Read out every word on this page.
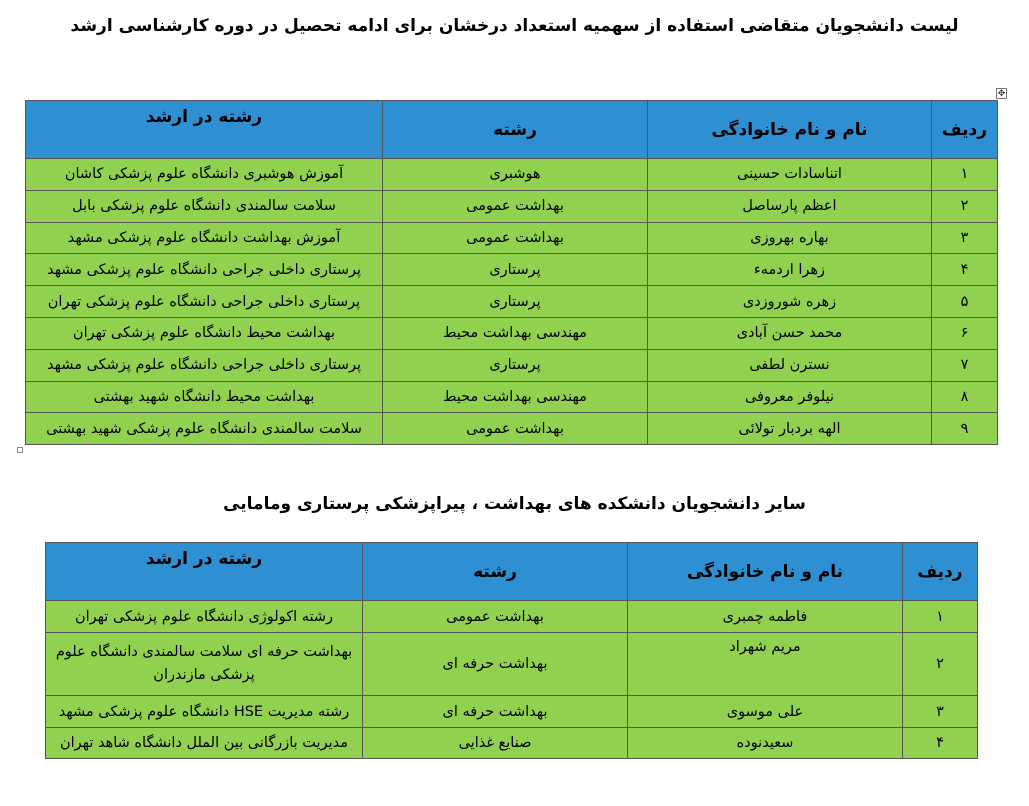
لیست دانشجویان متقاضی استفاده از سهمیه استعداد درخشان برای ادامه تحصیل در دوره کارشناسی ارشد
✥
ردیف	نام و نام خانوادگی	رشته	رشته در ارشد
۱	اتناسادات حسینی	هوشبری	آموزش هوشبری دانشگاه علوم پزشکی کاشان
۲	اعظم پارساصل	بهداشت عمومی	سلامت سالمندی دانشگاه علوم پزشکی بابل
۳	بهاره بهروزی	بهداشت عمومی	آموزش بهداشت دانشگاه علوم پزشکی مشهد
۴	زهرا اردمه‌ء	پرستاری	پرستاری داخلی جراحی دانشگاه علوم پزشکی مشهد
۵	زهره شوروزدی	پرستاری	پرستاری داخلی جراحی دانشگاه علوم پزشکی تهران
۶	محمد حسن آبادی	مهندسی بهداشت محیط	بهداشت محیط دانشگاه علوم پزشکی تهران
۷	نسترن لطفی	پرستاری	پرستاری داخلی جراحی دانشگاه علوم پزشکی مشهد
۸	نیلوفر معروفی	مهندسی بهداشت محیط	بهداشت محیط دانشگاه شهید بهشتی
۹	الهه بردبار تولائی	بهداشت عمومی	سلامت سالمندی دانشگاه علوم پزشکی شهید بهشتی
سایر دانشجویان دانشکده های بهداشت ، پیراپزشکی پرستاری ومامایی
ردیف	نام و نام خانوادگی	رشته	رشته در ارشد
۱	فاطمه چمبری	بهداشت عمومی	رشته اکولوژی دانشگاه علوم پزشکی تهران
۲	مریم شهراد	بهداشت حرفه ای	بهداشت حرفه ای سلامت سالمندی دانشگاه علوم پزشکی مازندران
۳	علی موسوی	بهداشت حرفه ای	رشته مدیریت HSE دانشگاه علوم پزشکی مشهد
۴	سعیدنوده	صنایع غذایی	مدیریت بازرگانی بین الملل دانشگاه شاهد تهران
